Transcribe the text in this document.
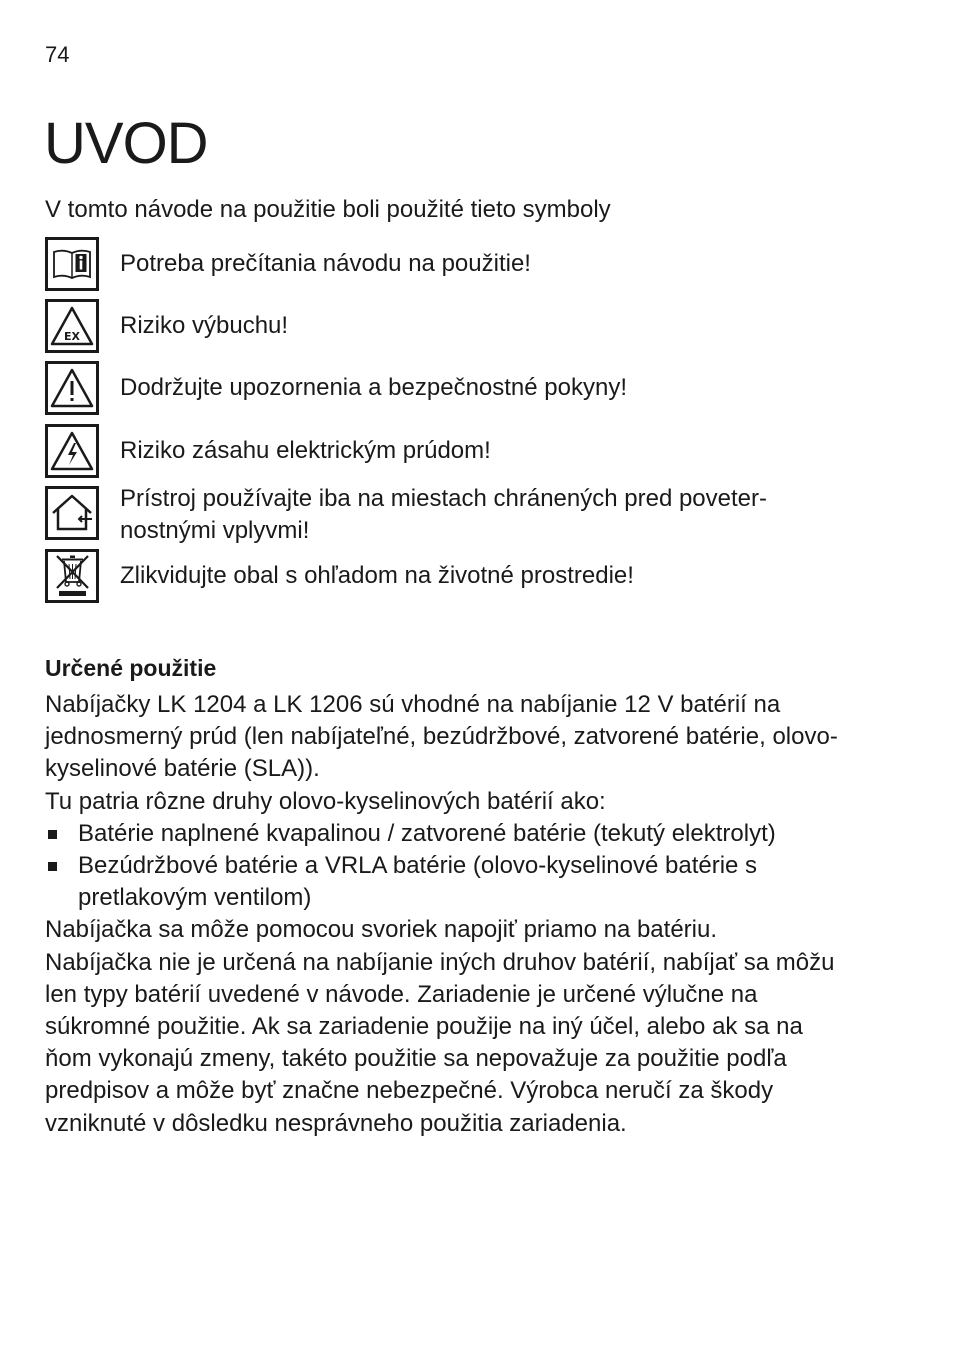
74
UVOD
V tomto návode na použitie boli použité tieto symboly
Potreba prečítania návodu na použitie!
EX Riziko výbuchu!
Dodržujte upozornenia a bezpečnostné pokyny!
Riziko zásahu elektrickým prúdom!
Prístroj používajte iba na miestach chránených pred poveter-nostnými vplyvmi!
Zlikvidujte obal s ohľadom na životné prostredie!
Určené použitie

Nabíjačky LK 1204 a LK 1206 sú vhodné na nabíjanie 12 V batérií na jednosmerný prúd (len nabíjateľné, bezúdržbové, zatvorené batérie, olovo-kyselinové batérie (SLA)).

Tu patria rôzne druhy olovo-kyselinových batérií ako:

Batérie naplnené kvapalinou / zatvorené batérie (tekutý elektrolyt)
Bezúdržbové batérie a VRLA batérie (olovo-kyselinové batérie s pretlakovým ventilom)

Nabíjačka sa môže pomocou svoriek napojiť priamo na batériu.

Nabíjačka nie je určená na nabíjanie iných druhov batérií, nabíjať sa môžu len typy batérií uvedené v návode. Zariadenie je určené výlučne na súkromné použitie. Ak sa zariadenie použije na iný účel, alebo ak sa na ňom vykonajú zmeny, takéto použitie sa nepovažuje za použitie podľa predpisov a môže byť značne nebezpečné. Výrobca neručí za škody vzniknuté v dôsledku nesprávneho použitia zariadenia.
